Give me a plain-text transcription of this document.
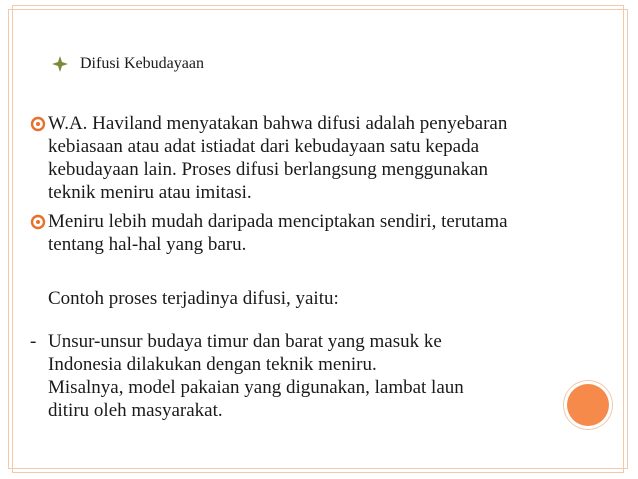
Difusi Kebudayaan
W.A. Haviland menyatakan bahwa difusi adalah penyebaran
kebiasaan atau adat istiadat dari kebudayaan satu kepada
kebudayaan lain. Proses difusi berlangsung menggunakan
teknik meniru atau imitasi.
Meniru lebih mudah daripada menciptakan sendiri, terutama
tentang hal-hal yang baru.
Contoh proses terjadinya difusi, yaitu:
- Unsur-unsur budaya timur dan barat yang masuk ke
Indonesia dilakukan dengan teknik meniru.
Misalnya, model pakaian yang digunakan, lambat laun
ditiru oleh masyarakat.
